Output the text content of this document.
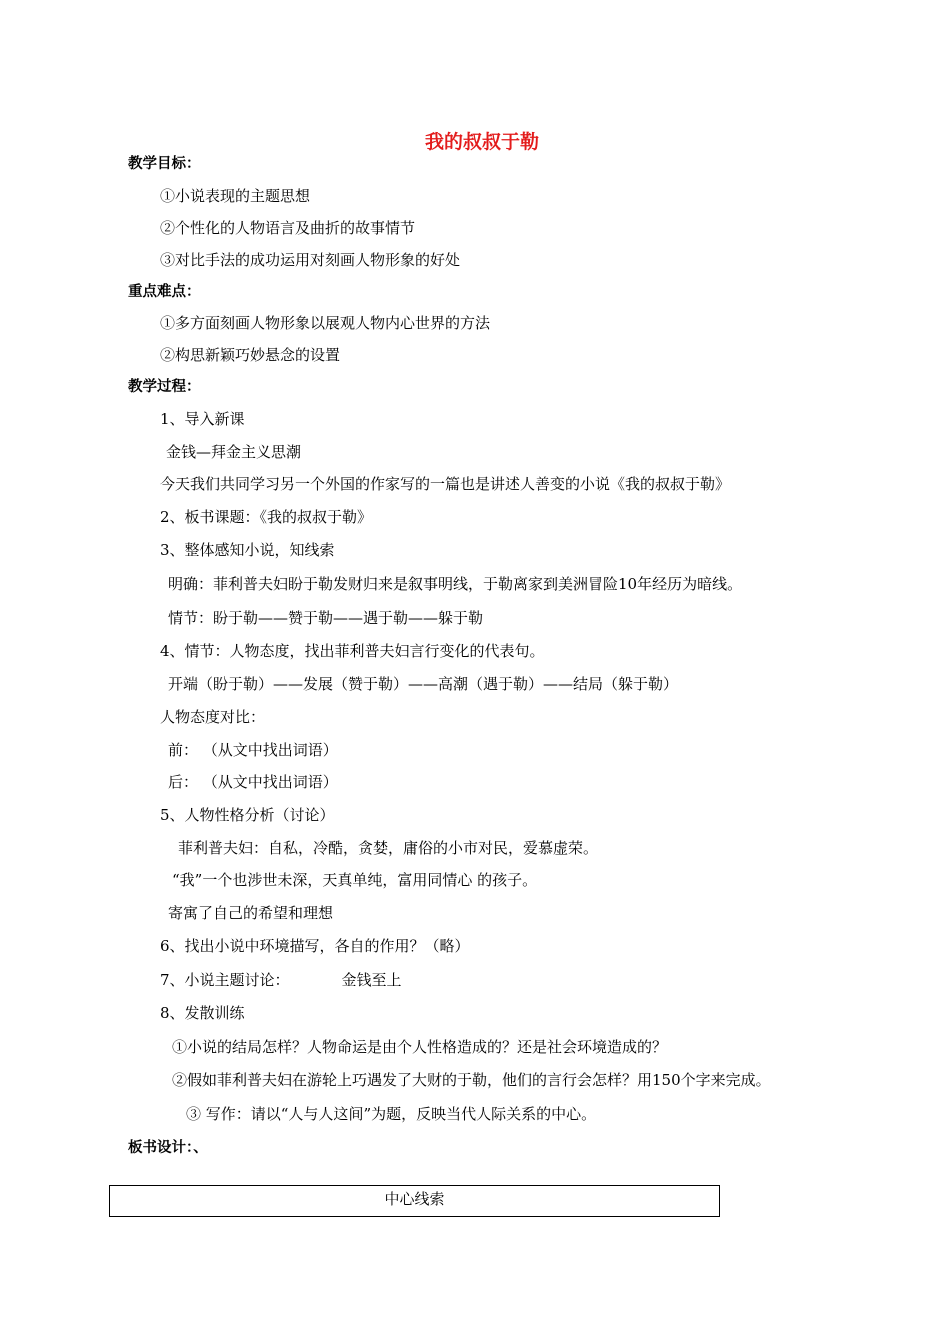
我的叔叔于勒
教学目标：
①小说表现的主题思想
②个性化的人物语言及曲折的故事情节
③对比手法的成功运用对刻画人物形象的好处
重点难点：
①多方面刻画人物形象以展观人物内心世界的方法
②构思新颖巧妙悬念的设置
教学过程：
1、导入新课
金钱—拜金主义思潮
今天我们共同学习另一个外国的作家写的一篇也是讲述人善变的小说《我的叔叔于勒》
2、板书课题：《我的叔叔于勒》
3、整体感知小说，知线索
明确：菲利普夫妇盼于勒发财归来是叙事明线，于勒离家到美洲冒险10年经历为暗线。
情节：盼于勒——赞于勒——遇于勒——躲于勒
4、情节：人物态度，找出菲利普夫妇言行变化的代表句。
开端（盼于勒）——发展（赞于勒）——高潮（遇于勒）——结局（躲于勒）
人物态度对比：
前： （从文中找出词语）
后： （从文中找出词语）
5、人物性格分析（讨论）
菲利普夫妇：自私，冷酷，贪婪，庸俗的小市对民，爱慕虚荣。
“我”一个也涉世未深，天真单纯，富用同情心 的孩子。
寄寓了自己的希望和理想
6、找出小说中环境描写，各自的作用？（略）
7、小说主题讨论：	金钱至上
8、发散训练
①小说的结局怎样？人物命运是由个人性格造成的？还是社会环境造成的？
②假如菲利普夫妇在游轮上巧遇发了大财的于勒，他们的言行会怎样？用150个字来完成。
③ 写作：请以“人与人这间”为题，反映当代人际关系的中心。
板书设计：、
中心线索
